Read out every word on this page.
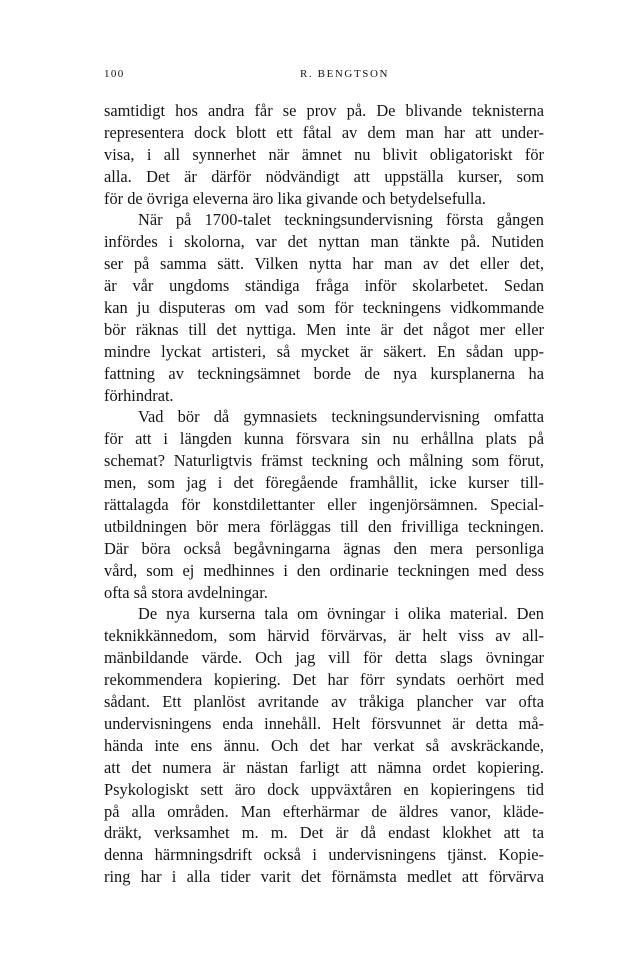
100	R. BENGTSON
samtidigt hos andra får se prov på. De blivande teknisterna
representera dock blott ett fåtal av dem man har att under-
visa, i all synnerhet när ämnet nu blivit obligatoriskt för
alla. Det är därför nödvändigt att uppställa kurser, som
för de övriga eleverna äro lika givande och betydelsefulla.
När på 1700-talet teckningsundervisning första gången
infördes i skolorna, var det nyttan man tänkte på. Nutiden
ser på samma sätt. Vilken nytta har man av det eller det,
är vår ungdoms ständiga fråga inför skolarbetet. Sedan
kan ju disputeras om vad som för teckningens vidkommande
bör räknas till det nyttiga. Men inte är det något mer eller
mindre lyckat artisteri, så mycket är säkert. En sådan upp-
fattning av teckningsämnet borde de nya kursplanerna ha
förhindrat.
Vad bör då gymnasiets teckningsundervisning omfatta
för att i längden kunna försvara sin nu erhållna plats på
schemat? Naturligtvis främst teckning och målning som förut,
men, som jag i det föregående framhållit, icke kurser till-
rättalagda för konstdilettanter eller ingenjörsämnen. Special-
utbildningen bör mera förläggas till den frivilliga teckningen.
Där böra också begåvningarna ägnas den mera personliga
vård, som ej medhinnes i den ordinarie teckningen med dess
ofta så stora avdelningar.
De nya kurserna tala om övningar i olika material. Den
teknikkännedom, som härvid förvärvas, är helt viss av all-
mänbildande värde. Och jag vill för detta slags övningar
rekommendera kopiering. Det har förr syndats oerhört med
sådant. Ett planlöst avritande av tråkiga plancher var ofta
undervisningens enda innehåll. Helt försvunnet är detta må-
hända inte ens ännu. Och det har verkat så avskräckande,
att det numera är nästan farligt att nämna ordet kopiering.
Psykologiskt sett äro dock uppväxtåren en kopieringens tid
på alla områden. Man efterhärmar de äldres vanor, kläde-
dräkt, verksamhet m. m. Det är då endast klokhet att ta
denna härmningsdrift också i undervisningens tjänst. Kopie-
ring har i alla tider varit det förnämsta medlet att förvärva
